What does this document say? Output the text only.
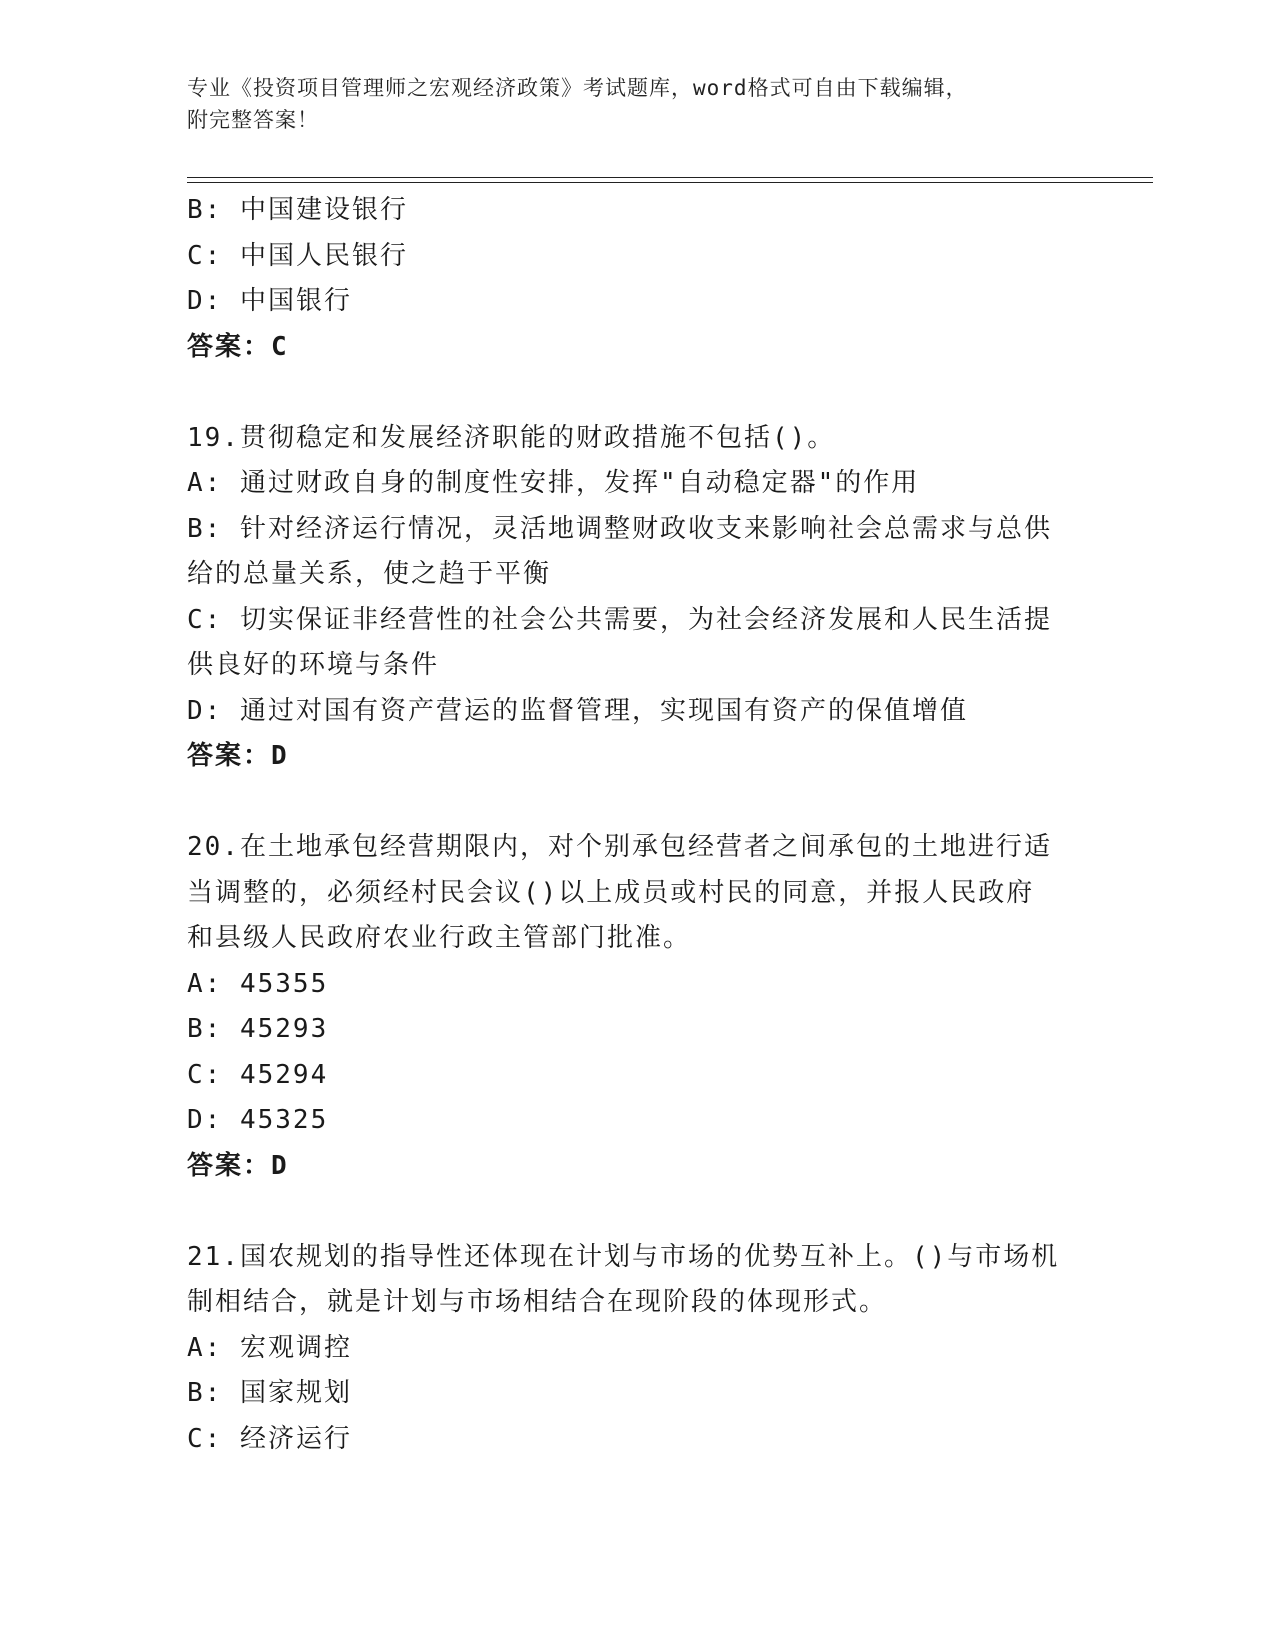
专业《投资项目管理师之宏观经济政策》考试题库，word格式可自由下载编辑，
附完整答案！
B: 中国建设银行
C: 中国人民银行
D: 中国银行
答案：C
19.贯彻稳定和发展经济职能的财政措施不包括()。
A: 通过财政自身的制度性安排，发挥"自动稳定器"的作用
B: 针对经济运行情况，灵活地调整财政收支来影响社会总需求与总供
给的总量关系，使之趋于平衡
C: 切实保证非经营性的社会公共需要，为社会经济发展和人民生活提
供良好的环境与条件
D: 通过对国有资产营运的监督管理，实现国有资产的保值增值
答案：D
20.在土地承包经营期限内，对个别承包经营者之间承包的土地进行适
当调整的，必须经村民会议()以上成员或村民的同意，并报人民政府
和县级人民政府农业行政主管部门批准。
A: 45355
B: 45293
C: 45294
D: 45325
答案：D
21.国农规划的指导性还体现在计划与市场的优势互补上。()与市场机
制相结合，就是计划与市场相结合在现阶段的体现形式。
A: 宏观调控
B: 国家规划
C: 经济运行
